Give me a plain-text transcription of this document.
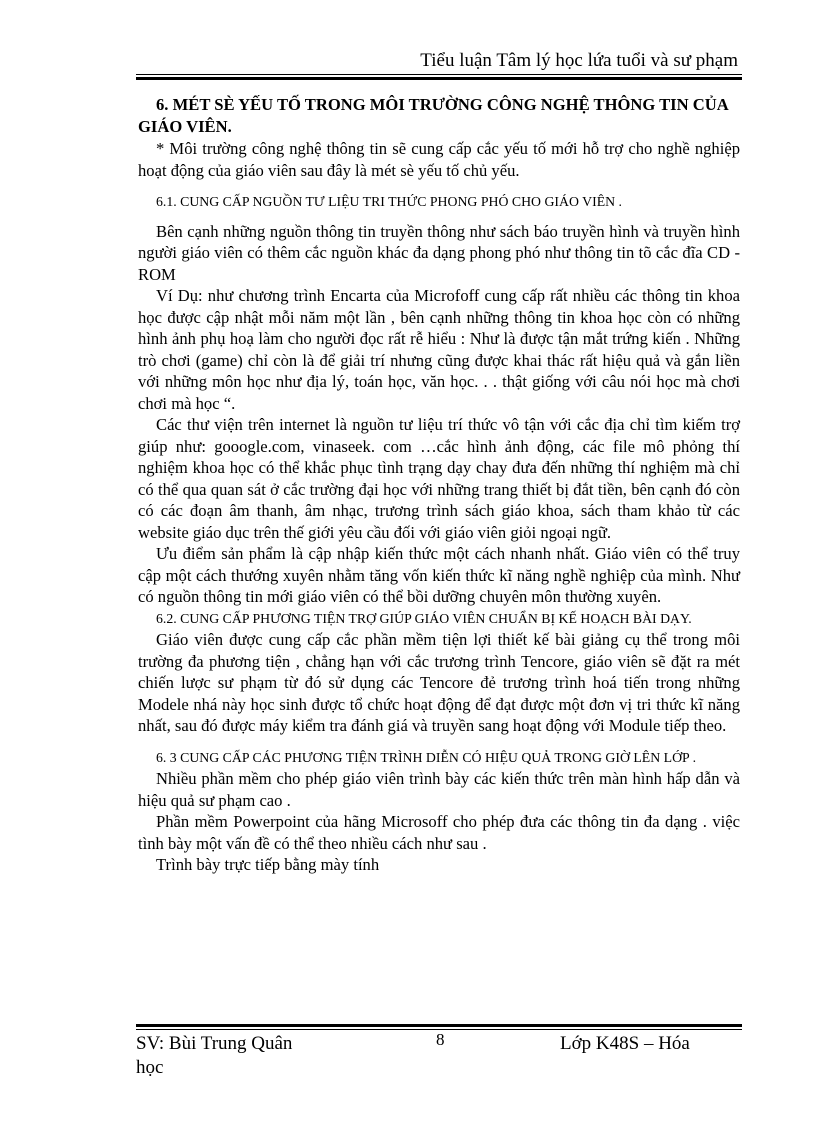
Tiểu luận Tâm lý học lứa tuổi và sư phạm
6. MÉT SÈ YẾU TỐ TRONG MÔI TRƯỜNG CÔNG NGHỆ THÔNG TIN CỦA GIÁO VIÊN.

* Môi trường công nghệ thông tin sẽ cung cấp cắc yếu tố mới hỗ trợ cho nghề nghiệp hoạt động của giáo viên sau đây là mét sè yếu tố chủ yếu.

6.1. CUNG CẤP NGUỒN TƯ LIỆU TRI THỨC PHONG PHÓ CHO GIÁO VIÊN .

Bên cạnh những nguồn thông tin truyền thông như sách báo truyền hình và truyền hình người giáo viên có thêm cắc nguồn khác đa dạng phong phó như thông tin tõ cắc đĩa CD - ROM

Ví Dụ: như chương trình Encarta của Microfoff cung cấp rất nhiều các thông tin khoa học được cập nhật mỗi năm một lần , bên cạnh những thông tin khoa học còn có những hình ảnh phụ hoạ làm cho người đọc rất rễ hiểu : Như là được tận mắt trứng kiến . Những trò chơi (game) chỉ còn là để giải trí nhưng cũng được khai thác rất hiệu quả và gắn liền với những môn học như địa lý, toán học, văn học. . . thật giống với câu nói học mà chơi chơi mà học “.

Các thư viện trên internet là nguồn tư liệu trí thức vô tận với cắc địa chỉ tìm kiếm trợ giúp như: gooogle.com, vinaseek. com …cắc hình ảnh động, các file mô phỏng thí nghiệm khoa học có thể khắc phục tình trạng dạy chay đưa đến những thí nghiệm mà chỉ có thể qua quan sát ở cắc trường đại học với những trang thiết bị đắt tiền, bên cạnh đó còn có các đoạn âm thanh, âm nhạc, trương trình sách giáo khoa, sách tham khảo từ các website giáo dục trên thế giới yêu cầu đối với giáo viên giỏi ngoại ngữ.

Ưu điểm sản phẩm là cập nhập kiến thức một cách nhanh nhất. Giáo viên có thể truy cập một cách thướng xuyên nhằm tăng vốn kiến thức kĩ năng nghề nghiệp của mình. Như có nguồn thông tin mới giáo viên có thể bồi dưỡng chuyên môn thường xuyên.

6.2. CUNG CẤP PHƯƠNG TIỆN TRỢ GIÚP GIÁO VIÊN CHUẨN BỊ KẾ HOẠCH BÀI DẠY.

Giáo viên được cung cấp cắc phần mềm tiện lợi thiết kế bài giảng cụ thể trong môi trường đa phương tiện , chẳng hạn với cắc trương trình Tencore, giáo viên sẽ đặt ra mét chiến lược sư phạm từ đó sử dụng các Tencore đẻ trương trình hoá tiến trong những Modele nhá này học sinh được tổ chức hoạt động để đạt được một đơn vị tri thức kĩ năng nhất, sau đó được máy kiểm tra đánh giá và truyền sang hoạt động với Module tiếp theo.

6. 3 CUNG CẤP CÁC PHƯƠNG TIỆN TRÌNH DIỄN CÓ HIỆU QUẢ TRONG GIỜ LÊN LỚP .

Nhiều phần mềm cho phép giáo viên trình bày các kiến thức trên màn hình hấp dẫn và hiệu quả sư phạm cao .

Phần mềm Powerpoint của hãng Microsoff cho phép đưa các thông tin đa dạng . việc tình bày một vấn đề có thể theo nhiều cách như sau .

Trình bày trực tiếp bằng mày tính

SV: Bùi Trung Quân
học
8	Lớp K48S – Hóa
